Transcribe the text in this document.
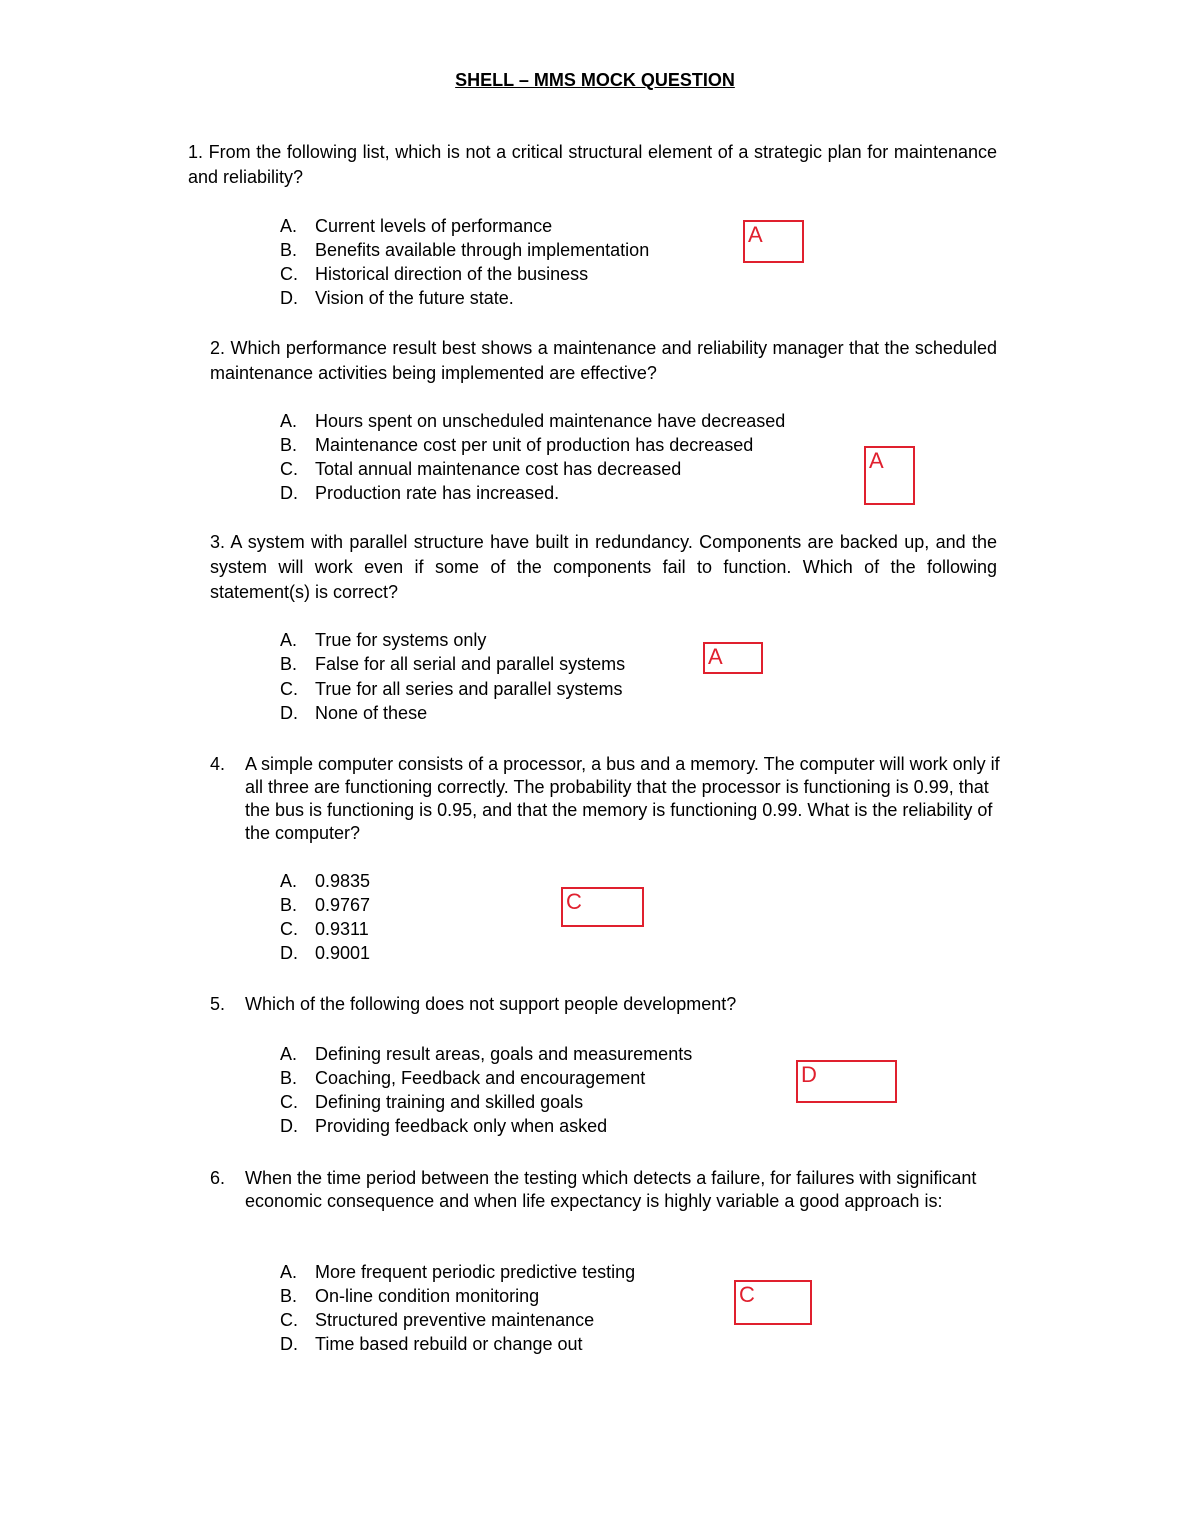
SHELL – MMS MOCK QUESTION
1. From the following list, which is not a critical structural element of a strategic plan for maintenance and reliability?
A. Current levels of performance
B. Benefits available through implementation
C. Historical direction of the business
D. Vision of the future state.
A
2. Which performance result best shows a maintenance and reliability manager that the scheduled maintenance activities being implemented are effective?
A. Hours spent on unscheduled maintenance have decreased
B. Maintenance cost per unit of production has decreased
C. Total annual maintenance cost has decreased
D. Production rate has increased.
A
3. A system with parallel structure have built in redundancy. Components are backed up, and the system will work even if some of the components fail to function. Which of the following statement(s) is correct?
A. True for systems only
B. False for all serial and parallel systems
C. True for all series and parallel systems
D. None of these
A
4.	A simple computer consists of a processor, a bus and a memory. The computer will work only if all three are functioning correctly. The probability that the processor is functioning is 0.99, that the bus is functioning is 0.95, and that the memory is functioning 0.99. What is the reliability of the computer?
A. 0.9835
B. 0.9767
C. 0.9311
D. 0.9001
C
5.	Which of the following does not support people development?
A. Defining result areas, goals and measurements
B. Coaching, Feedback and encouragement
C. Defining training and skilled goals
D. Providing feedback only when asked
D
6.	When the time period between the testing which detects a failure, for failures with significant economic consequence and when life expectancy is highly variable a good approach is:
A. More frequent periodic predictive testing
B. On-line condition monitoring
C. Structured preventive maintenance
D. Time based rebuild or change out
C
